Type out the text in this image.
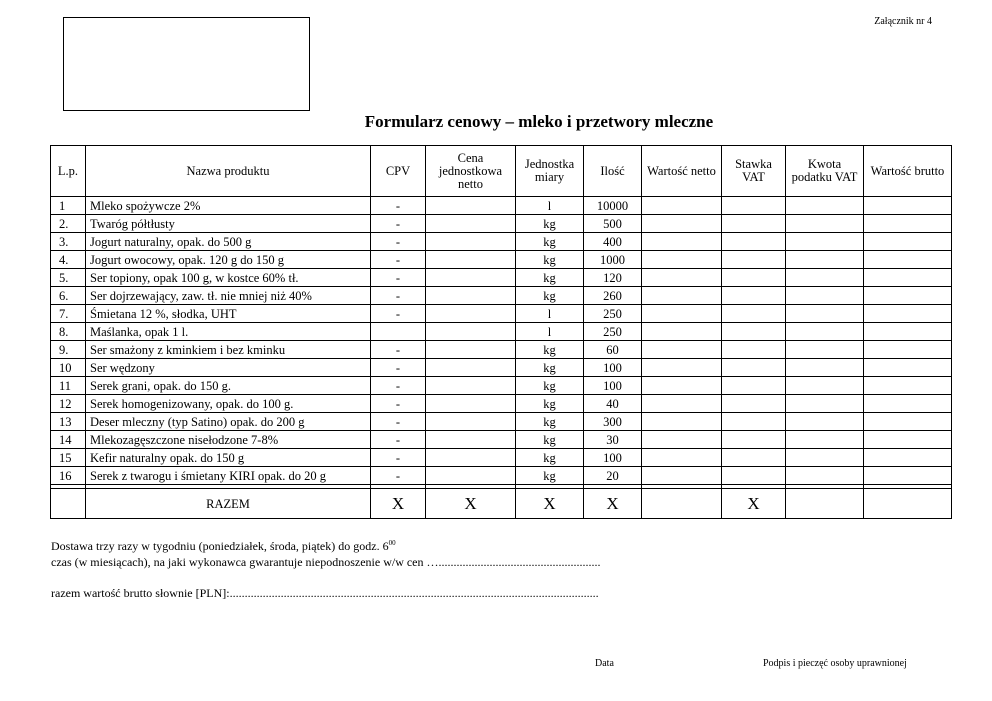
Załącznik nr 4
Formularz cenowy – mleko i przetwory mleczne
L.p.	Nazwa produktu	CPV	Cena jednostkowa netto	Jednostka miary	Ilość	Wartość netto	Stawka VAT	Kwota podatku VAT	Wartość brutto
1	Mleko spożywcze 2%	-		l	10000				
2.	Twaróg półtłusty	-		kg	500				
3.	Jogurt naturalny, opak. do 500 g	-		kg	400				
4.	Jogurt owocowy, opak. 120 g do 150 g	-		kg	1000				
5.	Ser topiony, opak 100 g, w kostce 60% tł.	-		kg	120				
6.	Ser dojrzewający, zaw. tł. nie mniej niż 40%	-		kg	260				
7.	Śmietana 12 %, słodka, UHT	-		l	250				
8.	Maślanka, opak 1 l.			l	250				
9.	Ser smażony z kminkiem i bez kminku	-		kg	60				
10	Ser wędzony	-		kg	100				
11	Serek grani, opak. do 150 g.	-		kg	100				
12	Serek homogenizowany, opak. do 100 g.	-		kg	40				
13	Deser mleczny (typ Satino) opak. do 200 g	-		kg	300				
14	Mlekozagęszczone nisełodzone 7-8%	-		kg	30				
15	Kefir naturalny opak. do 150 g	-		kg	100				
16	Serek z twarogu i śmietany KIRI opak. do 20 g	-		kg	20				

	RAZEM	X	X	X	X		X		
Dostawa trzy razy w tygodniu (poniedziałek, środa, piątek) do godz. $6^{00}$
czas (w miesiącach), na jaki wykonawca gwarantuje niepodnoszenie w/w cen …......................................................
razem wartość brutto słownie [PLN]:...........................................................................................................................
Data	Podpis i pieczęć osoby uprawnionej
